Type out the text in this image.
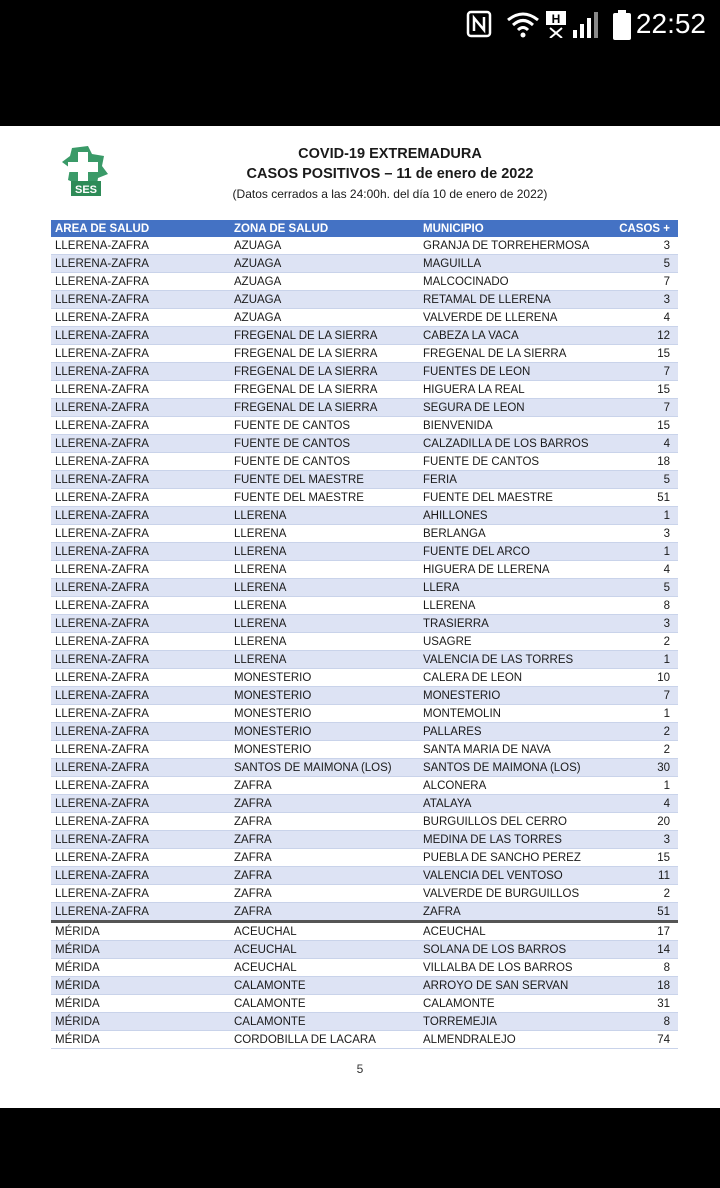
H	22:52
SES
COVID-19 EXTREMADURA
CASOS POSITIVOS – 11 de enero de 2022
(Datos cerrados a las 24:00h. del día 10 de enero de 2022)
AREA DE SALUD	ZONA DE SALUD	MUNICIPIO	CASOS +
LLERENA-ZAFRA	AZUAGA	GRANJA DE TORREHERMOSA	3
LLERENA-ZAFRA	AZUAGA	MAGUILLA	5
LLERENA-ZAFRA	AZUAGA	MALCOCINADO	7
LLERENA-ZAFRA	AZUAGA	RETAMAL DE LLERENA	3
LLERENA-ZAFRA	AZUAGA	VALVERDE DE LLERENA	4
LLERENA-ZAFRA	FREGENAL DE LA SIERRA	CABEZA LA VACA	12
LLERENA-ZAFRA	FREGENAL DE LA SIERRA	FREGENAL DE LA SIERRA	15
LLERENA-ZAFRA	FREGENAL DE LA SIERRA	FUENTES DE LEON	7
LLERENA-ZAFRA	FREGENAL DE LA SIERRA	HIGUERA LA REAL	15
LLERENA-ZAFRA	FREGENAL DE LA SIERRA	SEGURA DE LEON	7
LLERENA-ZAFRA	FUENTE DE CANTOS	BIENVENIDA	15
LLERENA-ZAFRA	FUENTE DE CANTOS	CALZADILLA DE LOS BARROS	4
LLERENA-ZAFRA	FUENTE DE CANTOS	FUENTE DE CANTOS	18
LLERENA-ZAFRA	FUENTE DEL MAESTRE	FERIA	5
LLERENA-ZAFRA	FUENTE DEL MAESTRE	FUENTE DEL MAESTRE	51
LLERENA-ZAFRA	LLERENA	AHILLONES	1
LLERENA-ZAFRA	LLERENA	BERLANGA	3
LLERENA-ZAFRA	LLERENA	FUENTE DEL ARCO	1
LLERENA-ZAFRA	LLERENA	HIGUERA DE LLERENA	4
LLERENA-ZAFRA	LLERENA	LLERA	5
LLERENA-ZAFRA	LLERENA	LLERENA	8
LLERENA-ZAFRA	LLERENA	TRASIERRA	3
LLERENA-ZAFRA	LLERENA	USAGRE	2
LLERENA-ZAFRA	LLERENA	VALENCIA DE LAS TORRES	1
LLERENA-ZAFRA	MONESTERIO	CALERA DE LEON	10
LLERENA-ZAFRA	MONESTERIO	MONESTERIO	7
LLERENA-ZAFRA	MONESTERIO	MONTEMOLIN	1
LLERENA-ZAFRA	MONESTERIO	PALLARES	2
LLERENA-ZAFRA	MONESTERIO	SANTA MARIA DE NAVA	2
LLERENA-ZAFRA	SANTOS DE MAIMONA (LOS)	SANTOS DE MAIMONA (LOS)	30
LLERENA-ZAFRA	ZAFRA	ALCONERA	1
LLERENA-ZAFRA	ZAFRA	ATALAYA	4
LLERENA-ZAFRA	ZAFRA	BURGUILLOS DEL CERRO	20
LLERENA-ZAFRA	ZAFRA	MEDINA DE LAS TORRES	3
LLERENA-ZAFRA	ZAFRA	PUEBLA DE SANCHO PEREZ	15
LLERENA-ZAFRA	ZAFRA	VALENCIA DEL VENTOSO	11
LLERENA-ZAFRA	ZAFRA	VALVERDE DE BURGUILLOS	2
LLERENA-ZAFRA	ZAFRA	ZAFRA	51
MÉRIDA	ACEUCHAL	ACEUCHAL	17
MÉRIDA	ACEUCHAL	SOLANA DE LOS BARROS	14
MÉRIDA	ACEUCHAL	VILLALBA DE LOS BARROS	8
MÉRIDA	CALAMONTE	ARROYO DE SAN SERVAN	18
MÉRIDA	CALAMONTE	CALAMONTE	31
MÉRIDA	CALAMONTE	TORREMEJIA	8
MÉRIDA	CORDOBILLA DE LACARA	ALMENDRALEJO	74
5
